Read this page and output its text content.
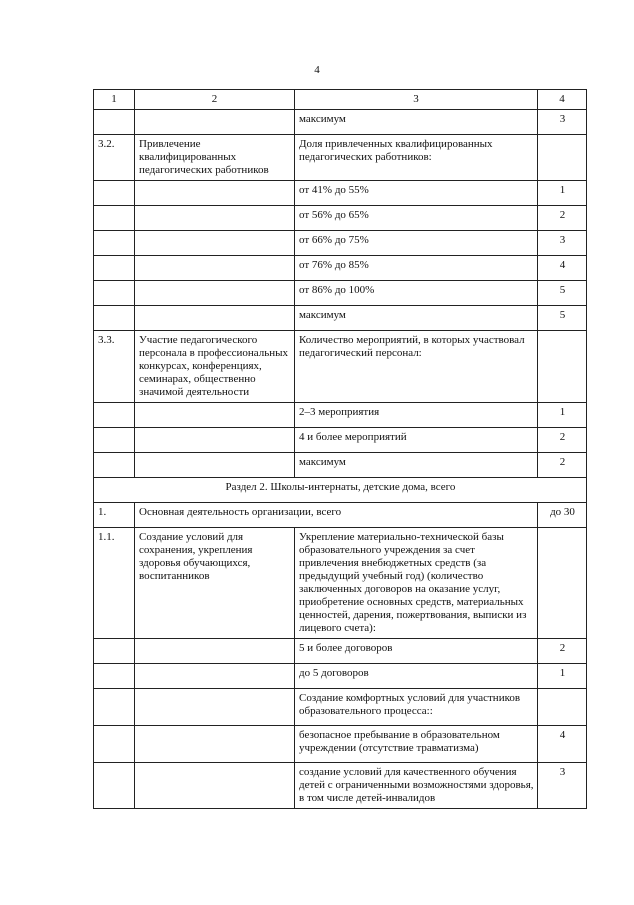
4
1	2	3	4
		максимум	3
3.2.	Привлечение квалифицированных педагогических работников	Доля привлеченных квалифицированных педагогических работников:	
		от 41% до 55%	1
		от 56% до 65%	2
		от 66% до 75%	3
		от 76% до 85%	4
		от 86% до 100%	5
		максимум	5
3.3.	Участие педагогического персонала в профессиональных конкурсах, конференциях, семинарах, общественно значимой деятельности	Количество мероприятий, в которых участвовал педагогический персонал:	
		2–3 мероприятия	1
		4 и более мероприятий	2
		максимум	2
Раздел 2. Школы-интернаты, детские дома, всего			
1.	Основная деятельность организации, всего		до 30
1.1.	Создание условий для сохранения, укрепления здоровья обучающихся, воспитанников	Укрепление материально-технической базы образовательного учреждения за счет привлечения внебюджетных средств (за предыдущий учебный год) (количество заключенных договоров на оказание услуг, приобретение основных средств, материальных ценностей, дарения, пожертвования, выписки из лицевого счета):	
		5 и более договоров	2
		до 5 договоров	1
		Создание комфортных условий для участников образовательного процесса::	
		безопасное пребывание в образовательном учреждении (отсутствие травматизма)	4
		создание условий для качественного обучения детей с ограниченными возможностями здоровья, в том числе детей-инвалидов	3
